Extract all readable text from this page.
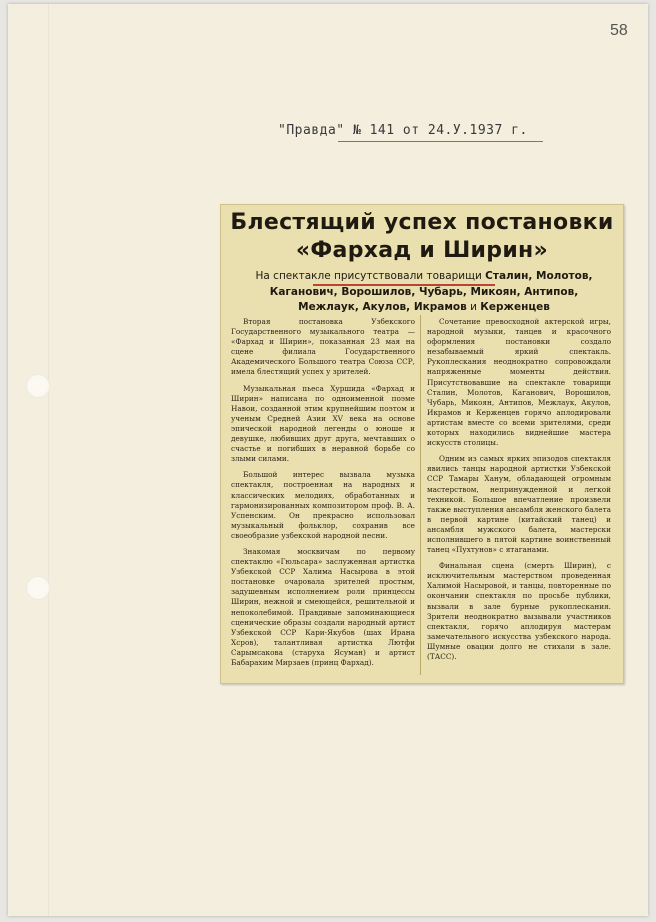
58
"Правда" № 141 от 24.У.1937 г.
Блестящий успех постановки
«Фархад и Ширин»
На спектакле присутствовали товарищи Сталин, Молотов, Каганович, Ворошилов, Чубарь, Микоян, Антипов, Межлаук, Акулов, Икрамов и Керженцев

Вторая постановка Узбекского Государственного музыкального театра — «Фархад и Ширин», показанная 23 мая на сцене филиала Государственного Академического Большого театра Союза ССР, имела блестящий успех у зрителей.

Музыкальная пьеса Хуршида «Фархад и Ширин» написана по одноименной поэме Навои, созданной этим крупнейшим поэтом и ученым Средней Азии XV века на основе эпической народной легенды о юноше и девушке, любивших друг друга, мечтавших о счастье и погибших в неравной борьбе со злыми силами.

Большой интерес вызвала музыка спектакля, построенная на народных и классических мелодиях, обработанных и гармонизированных композитором проф. В. А. Успенским. Он прекрасно использовал музыкальный фольклор, сохранив все своеобразие узбекской народной песни.

Знакомая москвичам по первому спектаклю «Гюльсара» заслуженная артистка Узбекской ССР Халима Насырова в этой постановке очаровала зрителей простым, задушевным исполнением роли принцессы Ширин, нежной и смеющейся, решительной и непоколебимой. Правдивые запоминающиеся сценические образы создали народный артист Узбекской ССР Кари-Якубов (шах Ирана Хсров), талантливая артистка Лютфи Сарымсакова (старуха Ясуман) и артист Бабарахим Мирзаев (принц Фархад).

Сочетание превосходной актерской игры, народной музыки, танцев и красочного оформления постановки создало незабываемый яркий спектакль. Рукоплескания неоднократно сопровождали напряженные моменты действия. Присутствовавшие на спектакле товарищи Сталин, Молотов, Каганович, Ворошилов, Чубарь, Микоян, Антипов, Межлаук, Акулов, Икрамов и Керженцев горячо аплодировали артистам вместе со всеми зрителями, среди которых находились виднейшие мастера искусств столицы.

Одним из самых ярких эпизодов спектакля явились танцы народной артистки Узбекской ССР Тамары Ханум, обладающей огромным мастерством, непринужденной и легкой техникой. Большое впечатление произвели также выступления ансамбля женского балета в первой картине (китайский танец) и ансамбля мужского балета, мастерски исполнившего в пятой картине воинственный танец «Пухтунов» с ятаганами.

Финальная сцена (смерть Ширин), с исключительным мастерством проведенная Халимой Насыровой, и танцы, повторенные по окончании спектакля по просьбе публики, вызвали в зале бурные рукоплескания. Зрители неоднократно вызывали участников спектакля, горячо аплодируя мастерам замечательного искусства узбекского народа. Шумные овации долго не стихали в зале. (ТАСС).
